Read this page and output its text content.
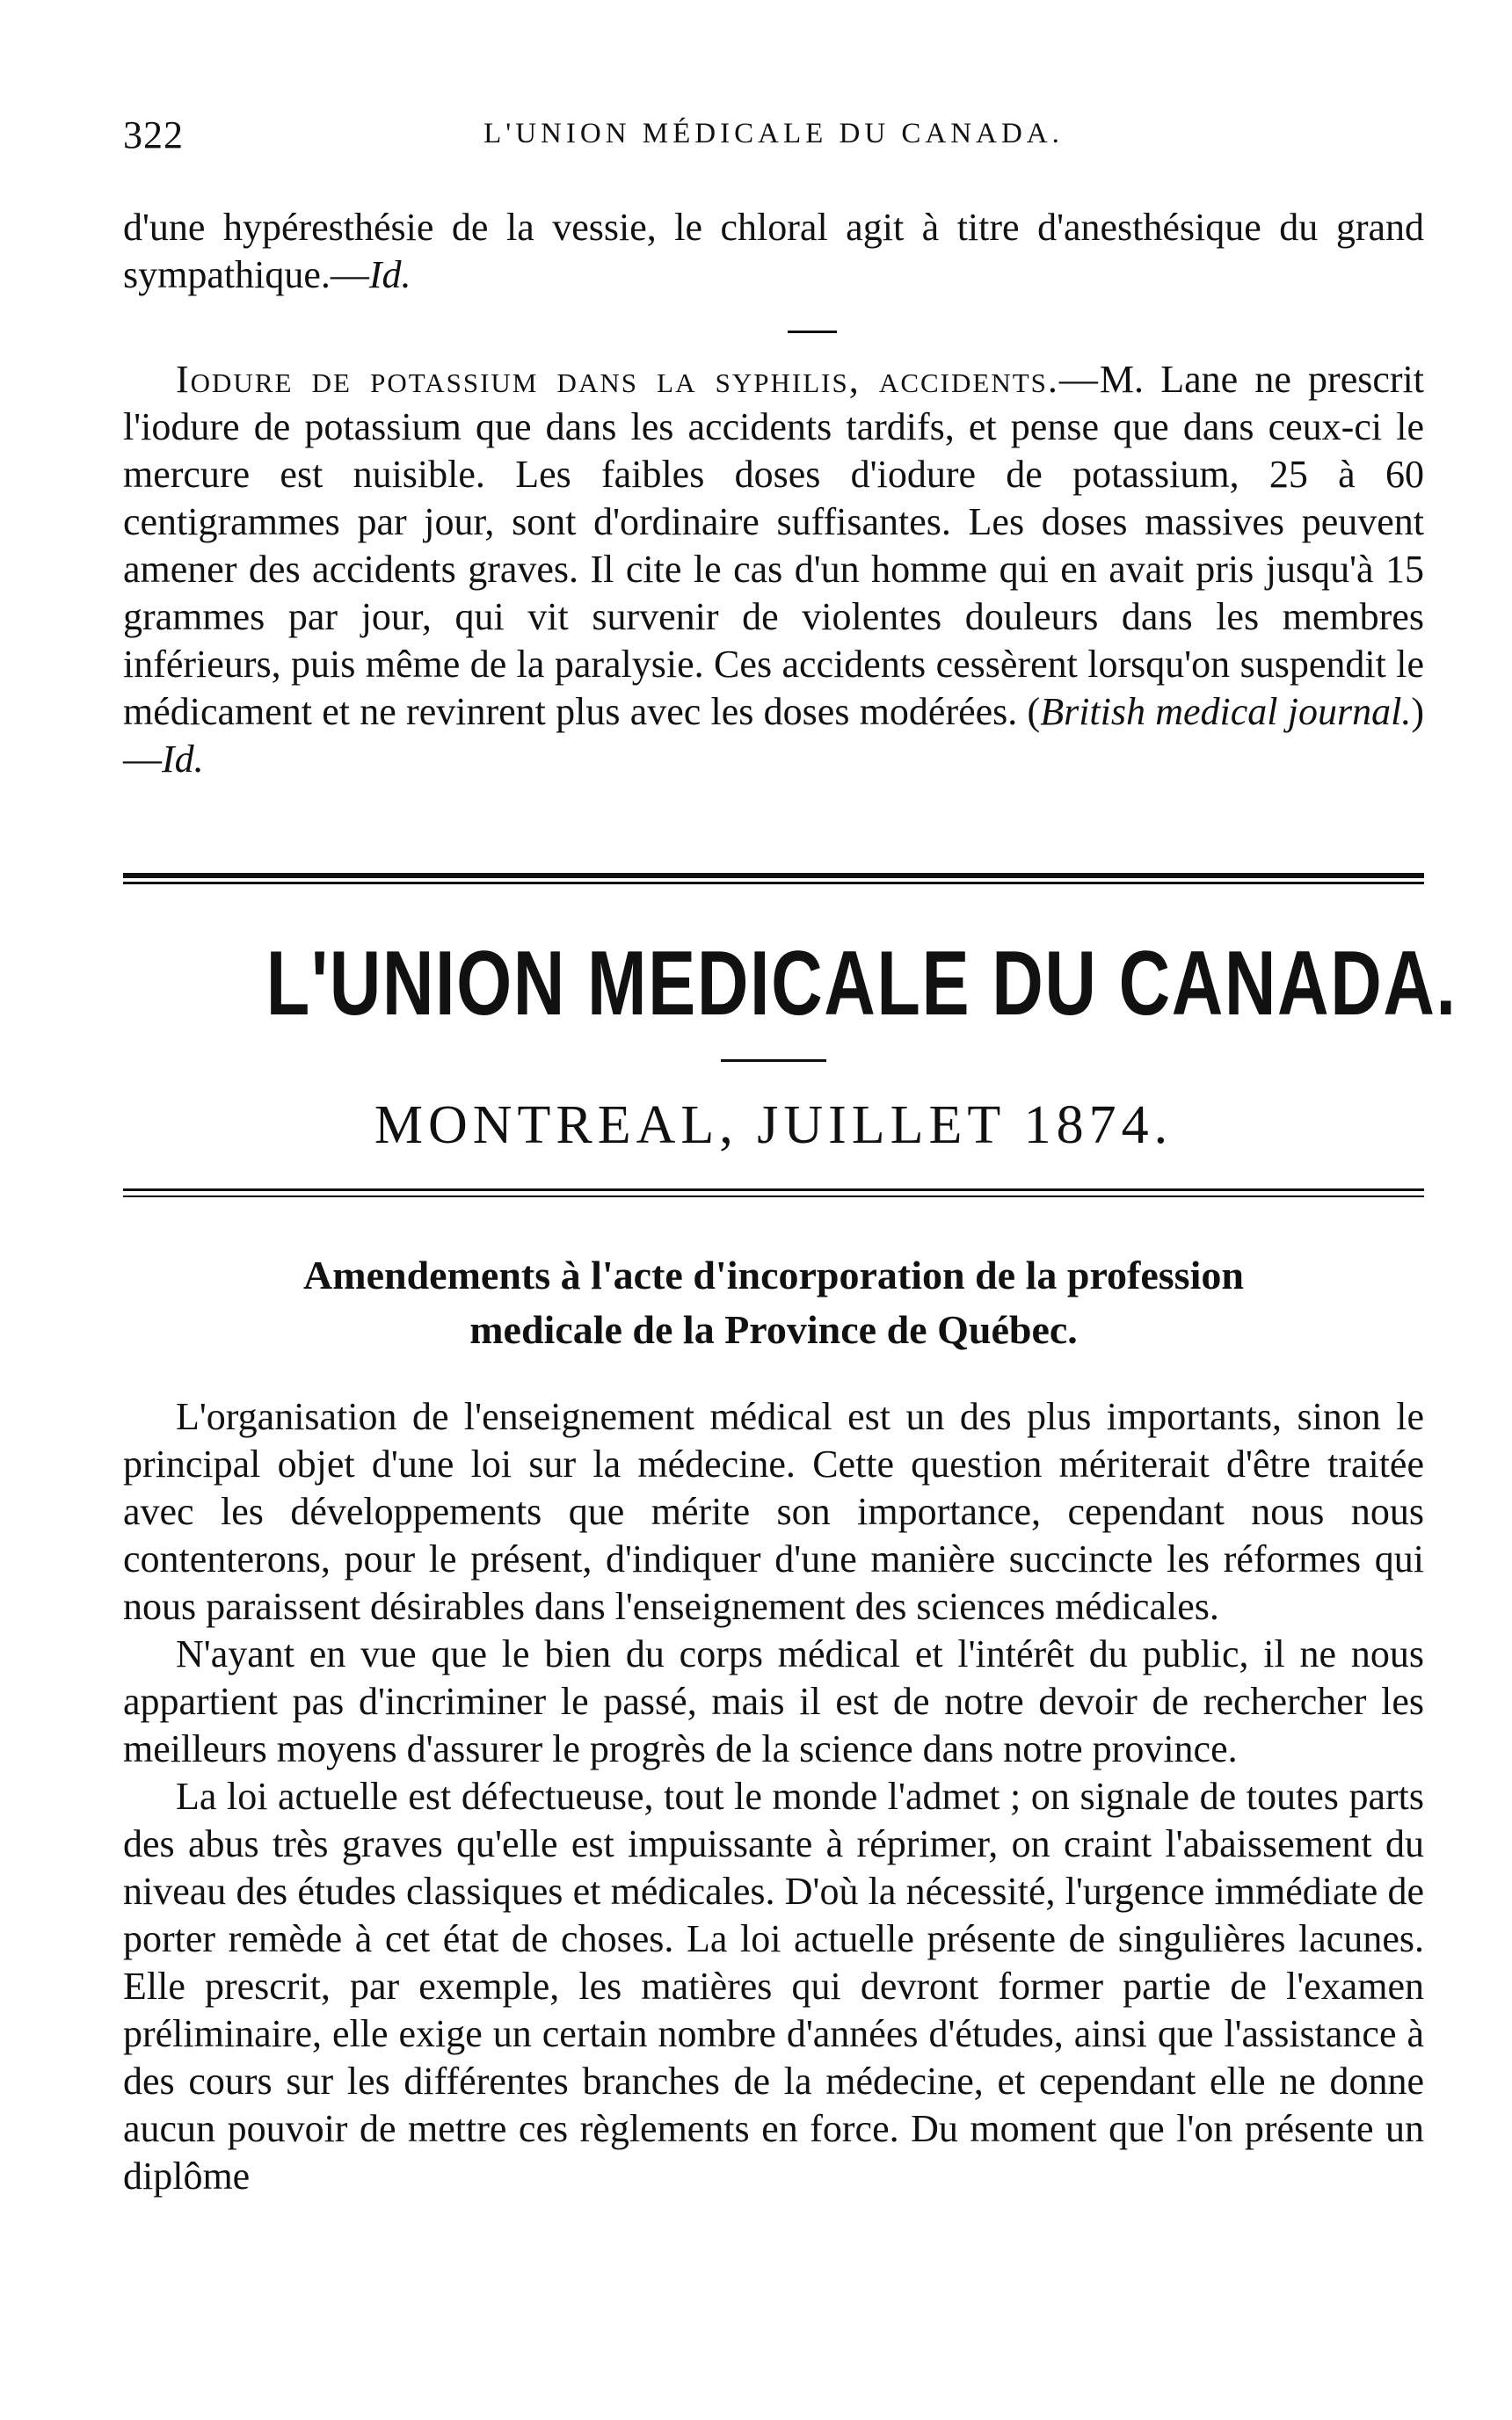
322	L'UNION MÉDICALE DU CANADA.

d'une hypéresthésie de la vessie, le chloral agit à titre d'anesthésique du grand sympathique.—Id.

Iodure de potassium dans la syphilis, accidents.—M. Lane ne prescrit l'iodure de potassium que dans les accidents tardifs, et pense que dans ceux-ci le mercure est nuisible. Les faibles doses d'iodure de potassium, 25 à 60 centigrammes par jour, sont d'ordinaire suffisantes. Les doses massives peuvent amener des accidents graves. Il cite le cas d'un homme qui en avait pris jusqu'à 15 grammes par jour, qui vit survenir de violentes douleurs dans les membres inférieurs, puis même de la paralysie. Ces accidents cessèrent lorsqu'on suspendit le médicament et ne revinrent plus avec les doses modérées. (British medical journal.)—Id.

L'UNION MEDICALE DU CANADA.
MONTREAL, JUILLET 1874.
Amendements à l'acte d'incorporation de la profession
medicale de la Province de Québec.

L'organisation de l'enseignement médical est un des plus importants, sinon le principal objet d'une loi sur la médecine. Cette question mériterait d'être traitée avec les développements que mérite son importance, cependant nous nous contenterons, pour le présent, d'indiquer d'une manière succincte les réformes qui nous paraissent désirables dans l'enseignement des sciences médicales.

N'ayant en vue que le bien du corps médical et l'intérêt du public, il ne nous appartient pas d'incriminer le passé, mais il est de notre devoir de rechercher les meilleurs moyens d'assurer le progrès de la science dans notre province.

La loi actuelle est défectueuse, tout le monde l'admet ; on signale de toutes parts des abus très graves qu'elle est impuissante à réprimer, on craint l'abaissement du niveau des études classiques et médicales. D'où la nécessité, l'urgence immédiate de porter remède à cet état de choses. La loi actuelle présente de singulières lacunes. Elle prescrit, par exemple, les matières qui devront former partie de l'examen préliminaire, elle exige un certain nombre d'années d'études, ainsi que l'assistance à des cours sur les différentes branches de la médecine, et cependant elle ne donne aucun pouvoir de mettre ces règlements en force. Du moment que l'on présente un diplôme
